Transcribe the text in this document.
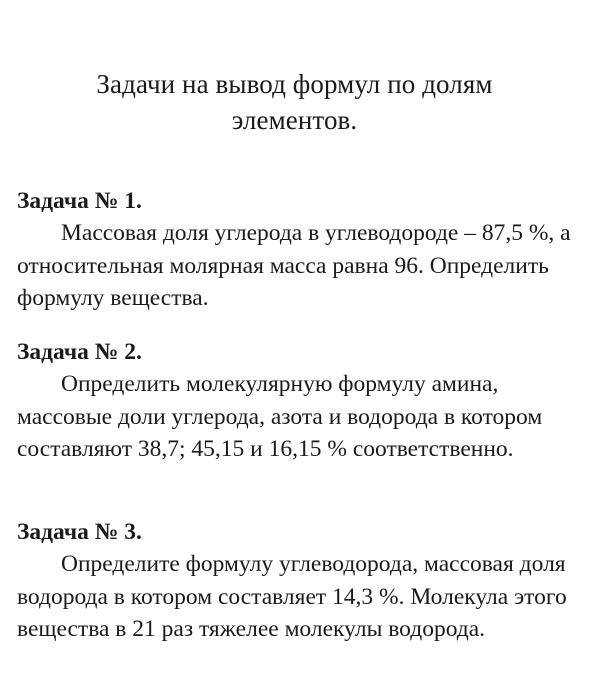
Задачи на вывод формул по долям
элементов.

Задача № 1.

Массовая доля углерода в углеводороде – 87,5 %, а относительная молярная масса равна 96. Определить формулу вещества.

Задача № 2.

Определить молекулярную формулу амина, массовые доли углерода, азота и водорода в котором составляют 38,7; 45,15 и 16,15 % соответственно.

Задача № 3.

Определите формулу углеводорода, массовая доля водорода в котором составляет 14,3 %. Молекула этого вещества в 21 раз тяжелее молекулы водорода.
